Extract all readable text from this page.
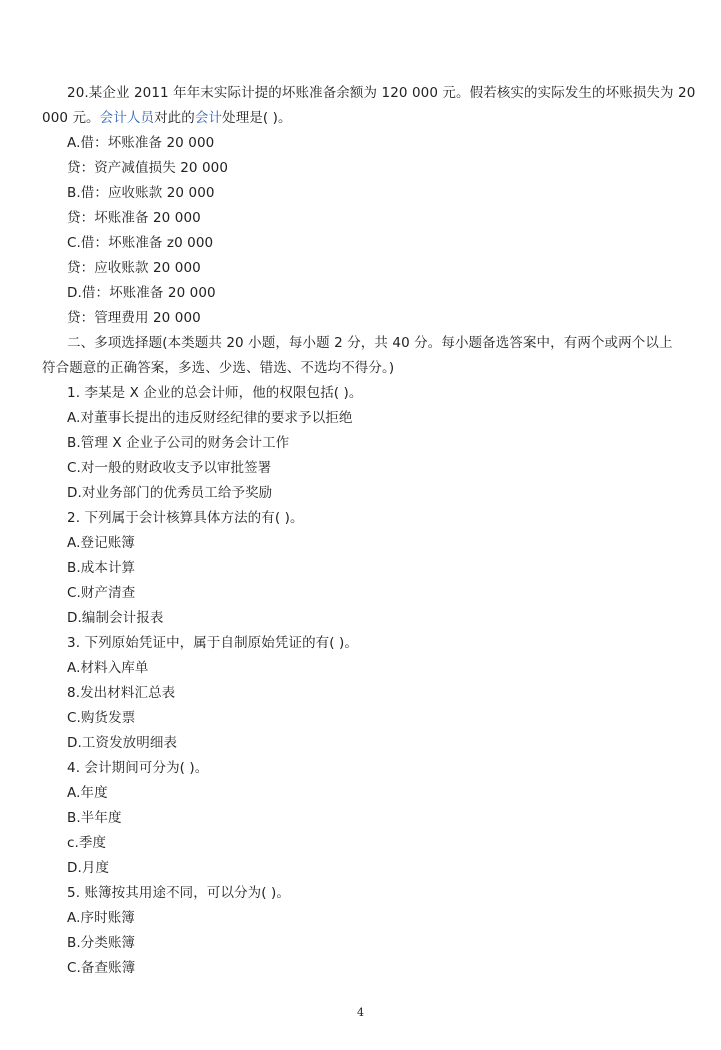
20.某企业 2011 年年末实际计提的坏账准备余额为 120 000 元。假若核实的实际发生的坏账损失为 20
000 元。会计人员对此的会计处理是( )。
A.借：坏账准备 20 000
贷：资产减值损失 20 000
B.借：应收账款 20 000
贷：坏账准备 20 000
C.借：坏账准备 z0 000
贷：应收账款 20 000
D.借：坏账准备 20 000
贷：管理费用 20 000
二、多项选择题(本类题共 20 小题，每小题 2 分，共 40 分。每小题备选答案中，有两个或两个以上
符合题意的正确答案，多选、少选、错选、不选均不得分。)
1. 李某是 X 企业的总会计师，他的权限包括( )。
A.对董事长提出的违反财经纪律的要求予以拒绝
B.管理 X 企业子公司的财务会计工作
C.对一般的财政收支予以审批签署
D.对业务部门的优秀员工给予奖励
2. 下列属于会计核算具体方法的有( )。
A.登记账簿
B.成本计算
C.财产清查
D.编制会计报表
3. 下列原始凭证中，属于自制原始凭证的有( )。
A.材料入库单
8.发出材料汇总表
C.购货发票
D.工资发放明细表
4. 会计期间可分为( )。
A.年度
B.半年度
c.季度
D.月度
5. 账簿按其用途不同，可以分为( )。
A.序时账簿
B.分类账簿
C.备查账簿
4
